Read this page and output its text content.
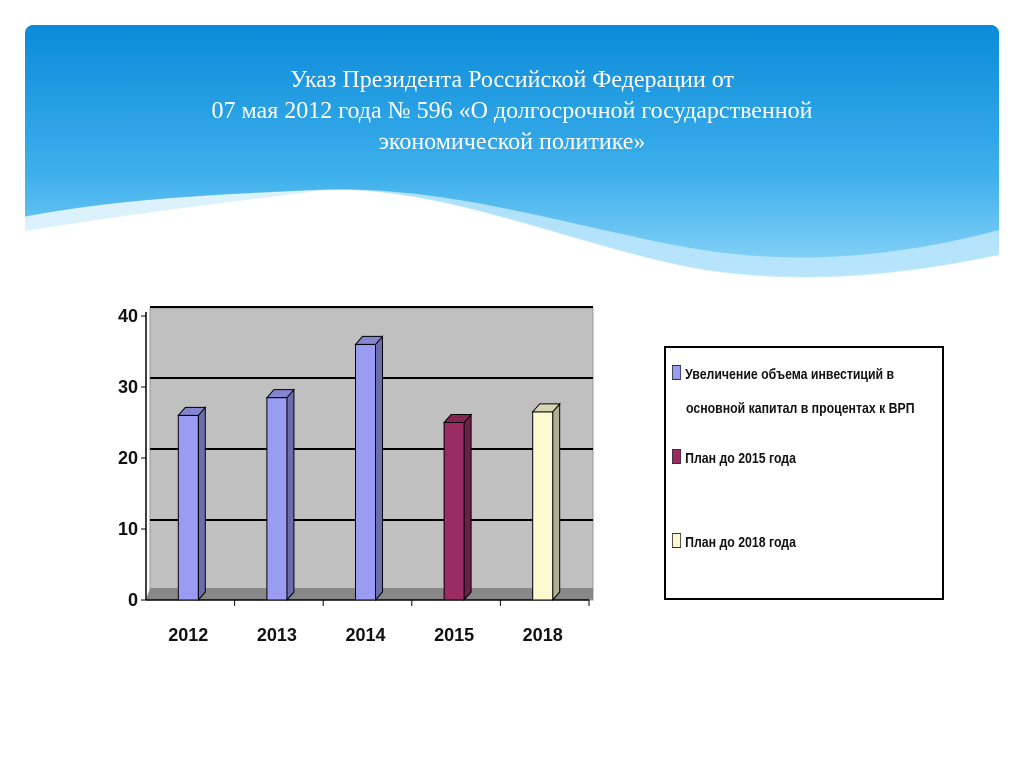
Указ Президента Российской Федерации от
07 мая 2012 года № 596 «О долгосрочной государственной
экономической политике»
0
10
20
30
40
2012	2013	2014	2015	2018
Увеличение объема инвестиций в
основной капитал в процентах к ВРП
План до 2015 года
План до 2018 года
